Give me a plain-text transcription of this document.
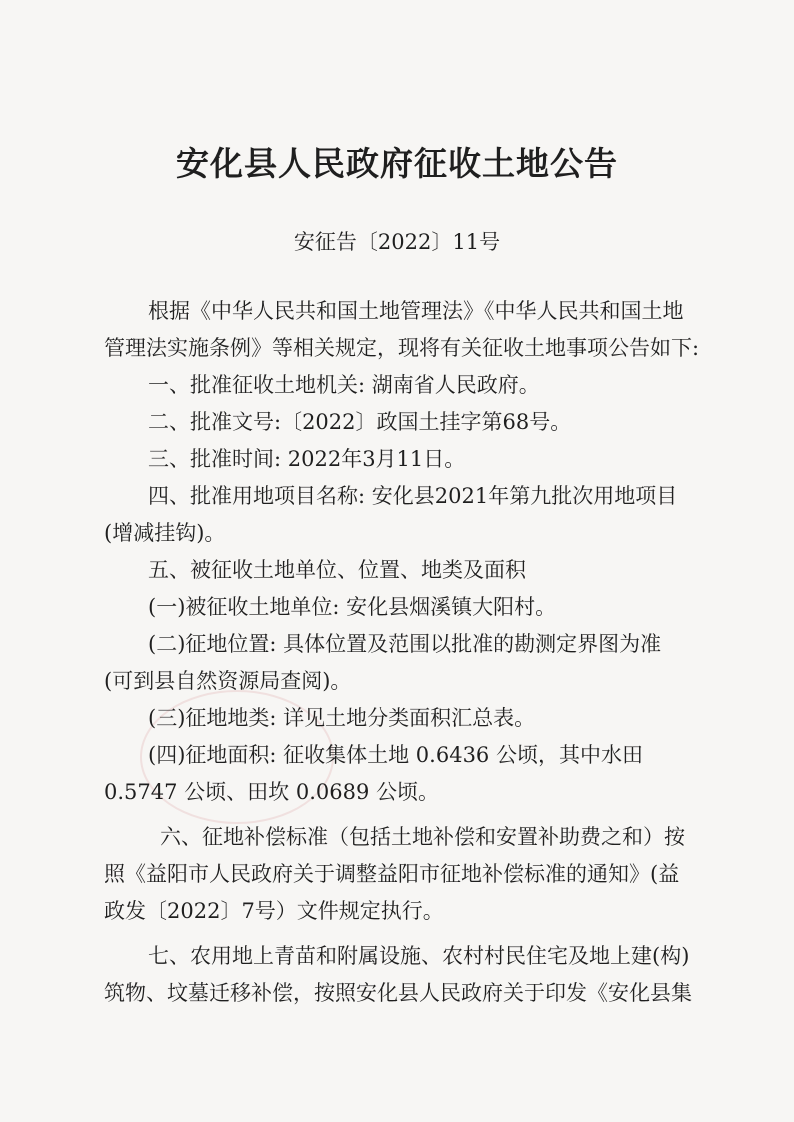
安化县人民政府征收土地公告
安征告〔2022〕11号
根据《中华人民共和国土地管理法》《中华人民共和国土地
管理法实施条例》等相关规定，现将有关征收土地事项公告如下:
一、批准征收土地机关: 湖南省人民政府。
二、批准文号:〔2022〕政国土挂字第68号。
三、批准时间: 2022年3月11日。
四、批准用地项目名称: 安化县2021年第九批次用地项目
(增减挂钩)。
五、被征收土地单位、位置、地类及面积
(一)被征收土地单位: 安化县烟溪镇大阳村。
(二)征地位置: 具体位置及范围以批准的勘测定界图为准
(可到县自然资源局查阅)。
(三)征地地类: 详见土地分类面积汇总表。
(四)征地面积: 征收集体土地 0.6436 公顷，其中水田
0.5747 公顷、田坎 0.0689 公顷。
六、征地补偿标准（包括土地补偿和安置补助费之和）按
照《益阳市人民政府关于调整益阳市征地补偿标准的通知》(益
政发〔2022〕7号）文件规定执行。
七、农用地上青苗和附属设施、农村村民住宅及地上建(构)
筑物、坟墓迁移补偿，按照安化县人民政府关于印发《安化县集
